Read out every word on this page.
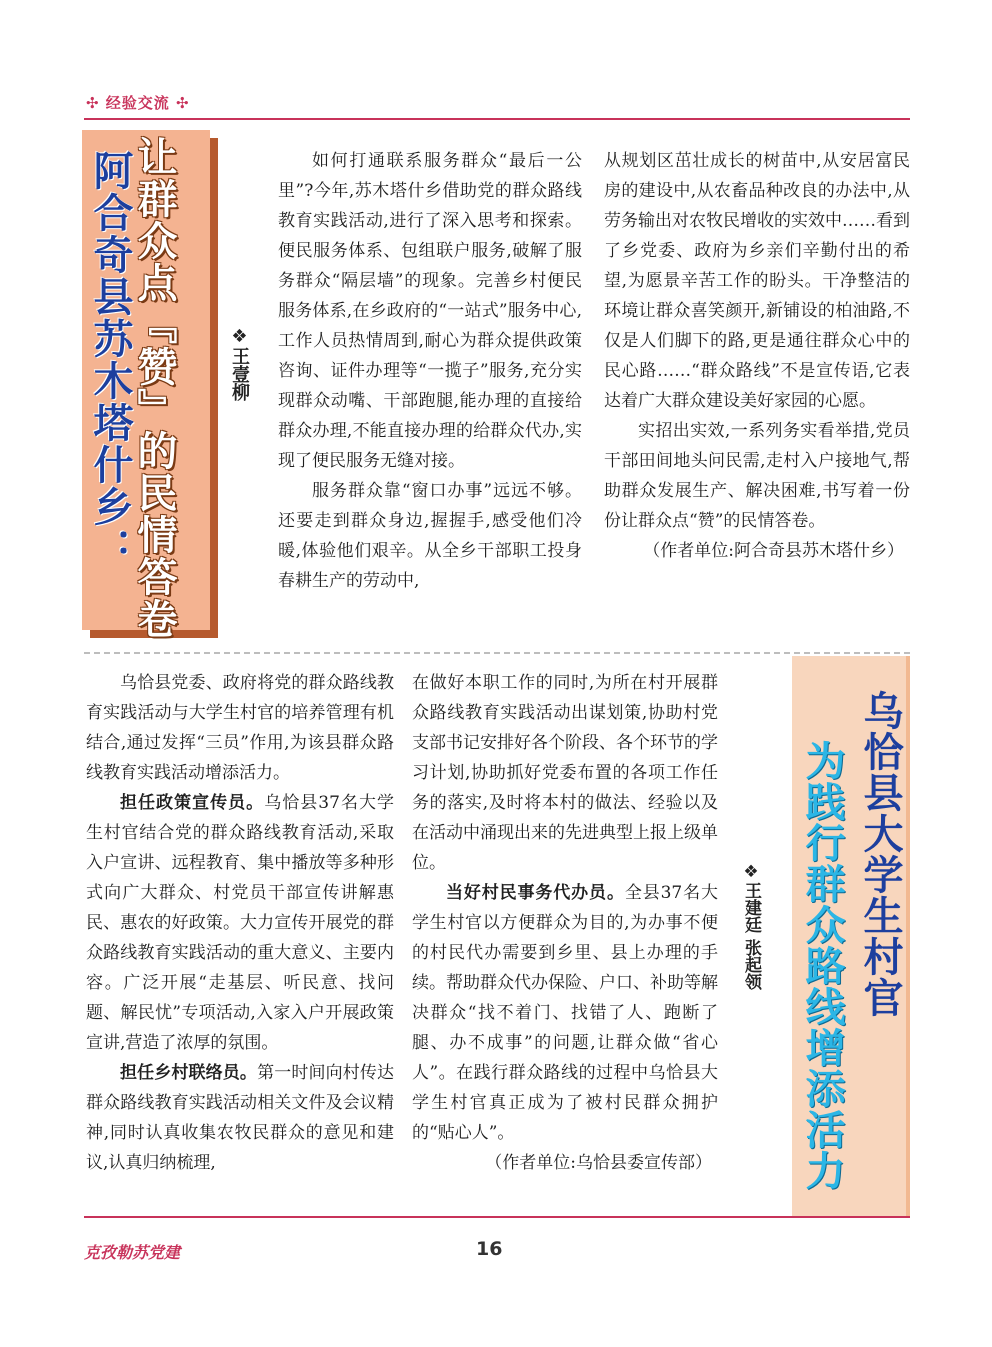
✣ 经验交流 ✣
让群众点『赞』的民情答卷
阿合奇县苏木塔什乡：	❖王壹柳

如何打通联系服务群众“最后一公里”?今年,苏木塔什乡借助党的群众路线教育实践活动,进行了深入思考和探索。便民服务体系、包组联户服务,破解了服务群众“隔层墙”的现象。完善乡村便民服务体系,在乡政府的“一站式”服务中心,工作人员热情周到,耐心为群众提供政策咨询、证件办理等“一揽子”服务,充分实现群众动嘴、干部跑腿,能办理的直接给群众办理,不能直接办理的给群众代办,实现了便民服务无缝对接。

服务群众靠“窗口办事”远远不够。还要走到群众身边,握握手,感受他们冷暖,体验他们艰辛。从全乡干部职工投身春耕生产的劳动中,

从规划区茁壮成长的树苗中,从安居富民房的建设中,从农畜品种改良的办法中,从劳务输出对农牧民增收的实效中……看到了乡党委、政府为乡亲们辛勤付出的希望,为愿景辛苦工作的盼头。干净整洁的环境让群众喜笑颜开,新铺设的柏油路,不仅是人们脚下的路,更是通往群众心中的民心路……“群众路线”不是宣传语,它表达着广大群众建设美好家园的心愿。

实招出实效,一系列务实看举措,党员干部田间地头问民需,走村入户接地气,帮助群众发展生产、解决困难,书写着一份份让群众点“赞”的民情答卷。

（作者单位:阿合奇县苏木塔什乡）

乌恰县党委、政府将党的群众路线教育实践活动与大学生村官的培养管理有机结合,通过发挥“三员”作用,为该县群众路线教育实践活动增添活力。

担任政策宣传员。乌恰县37名大学生村官结合党的群众路线教育活动,采取入户宣讲、远程教育、集中播放等多种形式向广大群众、村党员干部宣传讲解惠民、惠农的好政策。大力宣传开展党的群众路线教育实践活动的重大意义、主要内容。广泛开展“走基层、听民意、找问题、解民忧”专项活动,入家入户开展政策宣讲,营造了浓厚的氛围。

担任乡村联络员。第一时间向村传达群众路线教育实践活动相关文件及会议精神,同时认真收集农牧民群众的意见和建议,认真归纳梳理,

在做好本职工作的同时,为所在村开展群众路线教育实践活动出谋划策,协助村党支部书记安排好各个阶段、各个环节的学习计划,协助抓好党委布置的各项工作任务的落实,及时将本村的做法、经验以及在活动中涌现出来的先进典型上报上级单位。

当好村民事务代办员。全县37名大学生村官以方便群众为目的,为办事不便的村民代办需要到乡里、县上办理的手续。帮助群众代办保险、户口、补助等解决群众“找不着门、找错了人、跑断了腿、办不成事”的问题,让群众做“省心人”。在践行群众路线的过程中乌恰县大学生村官真正成为了被村民群众拥护的“贴心人”。

（作者单位:乌恰县委宣传部）

❖王建廷 张起领 乌恰县大学生村官
为践行群众路线增添活力
克孜勒苏党建	16
